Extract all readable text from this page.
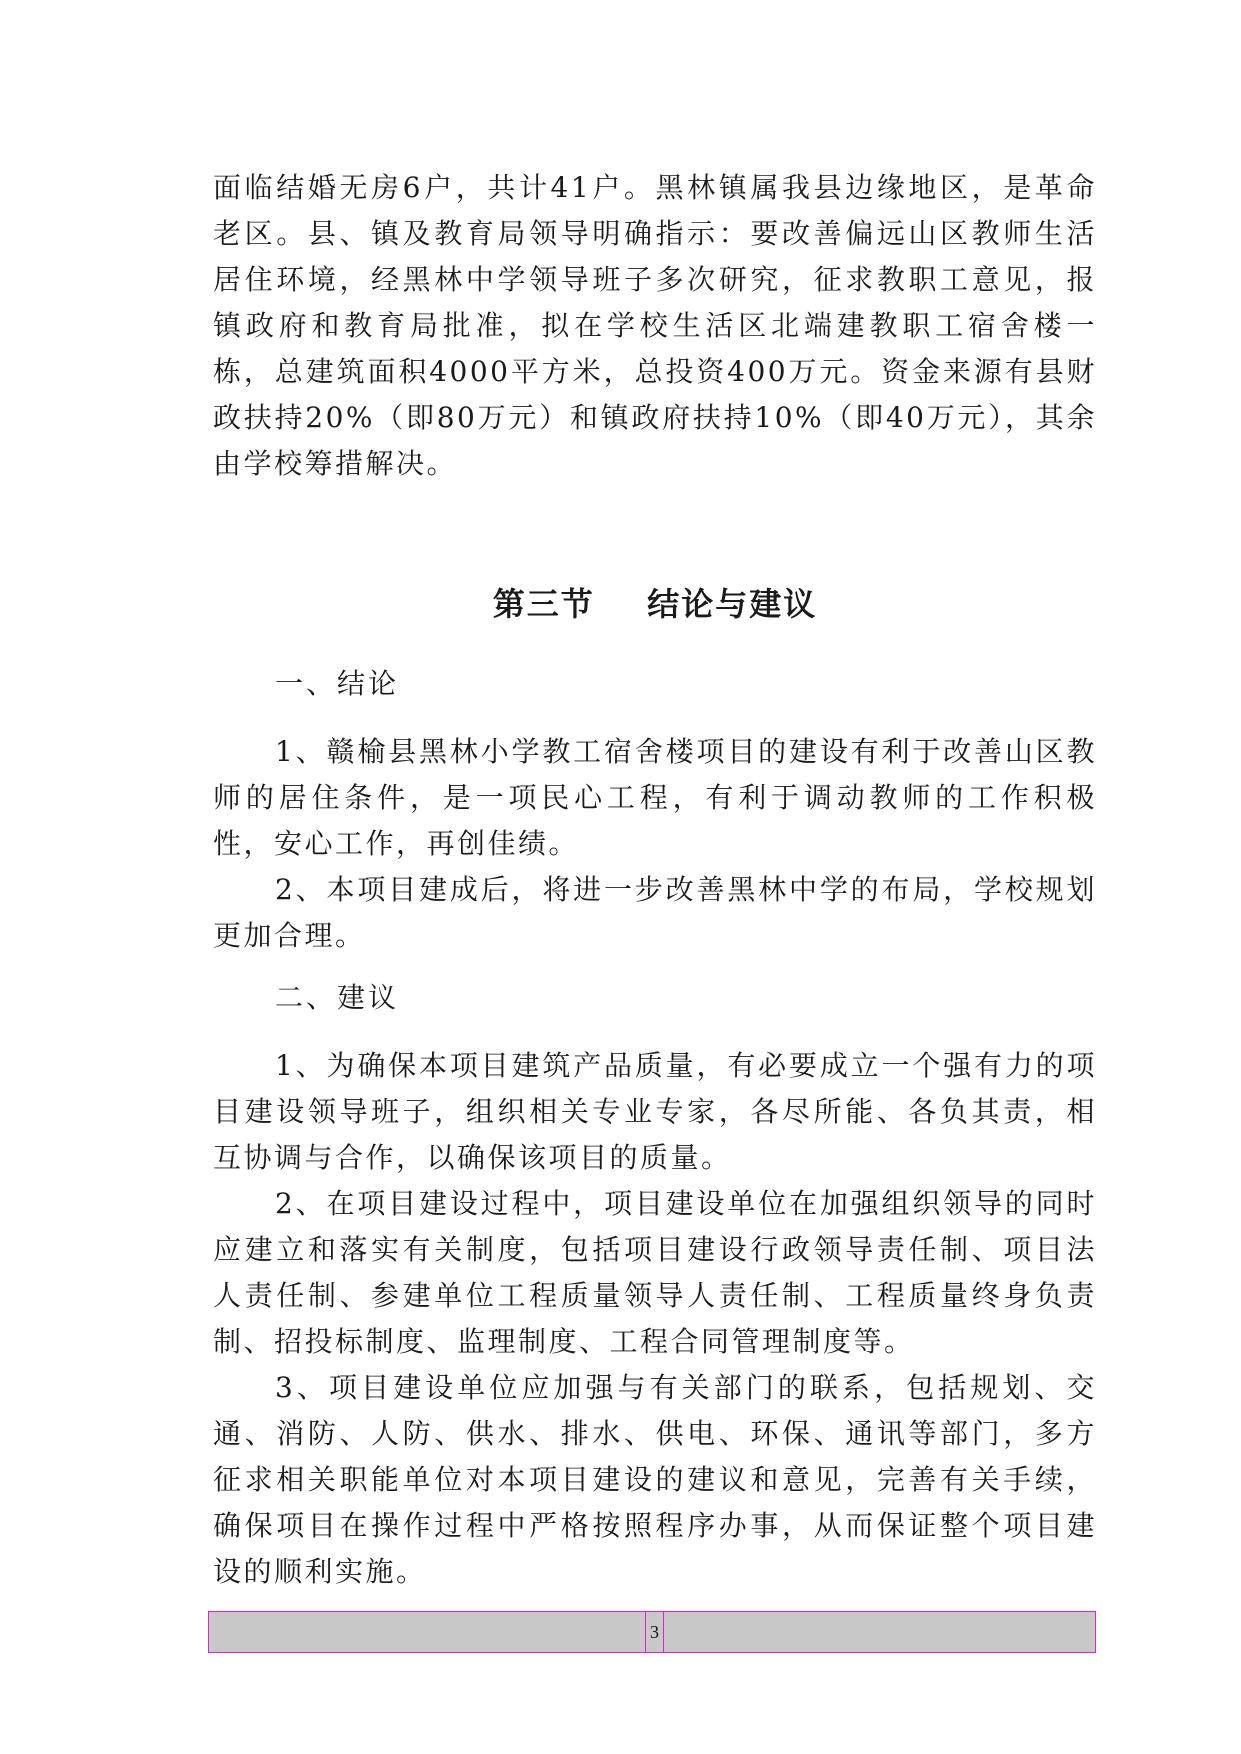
面临结婚无房6户，共计41户。黑林镇属我县边缘地区，是革命老区。县、镇及教育局领导明确指示：要改善偏远山区教师生活居住环境，经黑林中学领导班子多次研究，征求教职工意见，报镇政府和教育局批准，拟在学校生活区北端建教职工宿舍楼一栋，总建筑面积4000平方米，总投资400万元。资金来源有县财政扶持20%（即80万元）和镇政府扶持10%（即40万元），其余由学校筹措解决。

第三节    结论与建议

一、结论

1、赣榆县黑林小学教工宿舍楼项目的建设有利于改善山区教师的居住条件，是一项民心工程，有利于调动教师的工作积极性，安心工作，再创佳绩。

2、本项目建成后，将进一步改善黑林中学的布局，学校规划更加合理。

二、建议

1、为确保本项目建筑产品质量，有必要成立一个强有力的项目建设领导班子，组织相关专业专家，各尽所能、各负其责，相互协调与合作，以确保该项目的质量。

2、在项目建设过程中，项目建设单位在加强组织领导的同时应建立和落实有关制度，包括项目建设行政领导责任制、项目法人责任制、参建单位工程质量领导人责任制、工程质量终身负责制、招投标制度、监理制度、工程合同管理制度等。

3、项目建设单位应加强与有关部门的联系，包括规划、交通、消防、人防、供水、排水、供电、环保、通讯等部门，多方征求相关职能单位对本项目建设的建议和意见，完善有关手续，确保项目在操作过程中严格按照程序办事，从而保证整个项目建设的顺利实施。

3
